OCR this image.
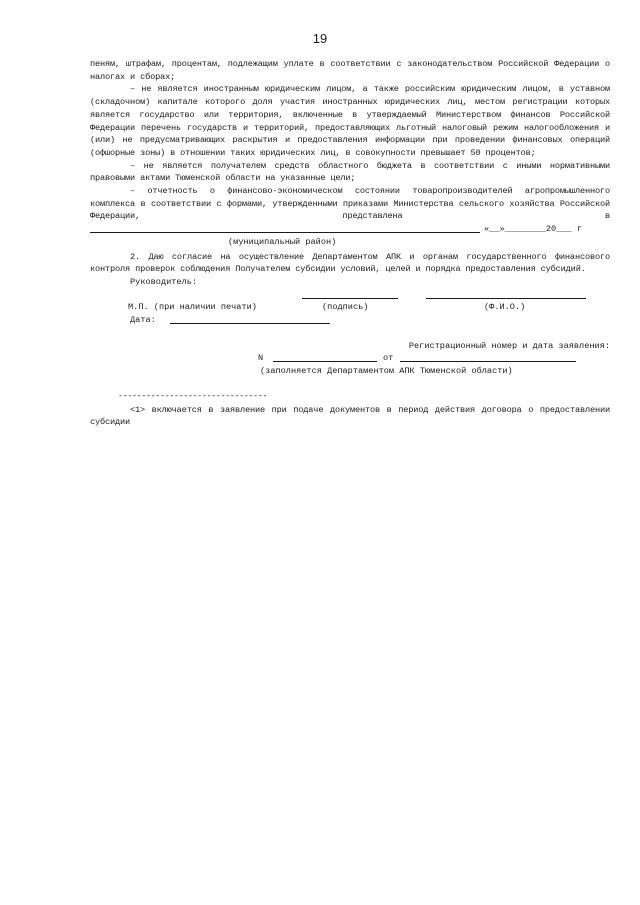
19

пеням, штрафам, процентам, подлежащим уплате в соответствии с законодательством Российской Федерации о налогах и сборах;

– не является иностранным юридическим лицом, а также российским юридическим лицом, в уставном (складочном) капитале которого доля участия иностранных юридических лиц, местом регистрации которых является государство или территория, включенные в утверждаемый Министерством финансов Российской Федерации перечень государств и территорий, предоставляющих льготный налоговый режим налогообложения и (или) не предусматривающих раскрытия и предоставления информации при проведении финансовых операций (офшорные зоны) в отношении таких юридических лиц, в совокупности превышает 50 процентов;

– не является получателем средств областного бюджета в соответствии с иными нормативными правовыми актами Тюменской области на указанные цели;

– отчетность о финансово-экономическом состоянии товаропроизводителей агропромышленного комплекса в соответствии с формами, утвержденными приказами Министерства сельского хозяйства Российской Федерации, представлена в

«__»________20___ г
(муниципальный район)

2. Даю согласие на осуществление Департаментом АПК и органам государственного финансового контроля проверок соблюдения Получателем субсидии условий, целей и порядка предоставления субсидий.

Руководитель:
М.П. (при наличии печати)	(подпись)	(Ф.И.О.)
Дата:
Регистрационный номер и дата заявления:
N	от
(заполняется Департаментом АПК Тюменской области)
--------------------------------

<1> включается в заявление при подаче документов в период действия договора о предоставлении субсидии
